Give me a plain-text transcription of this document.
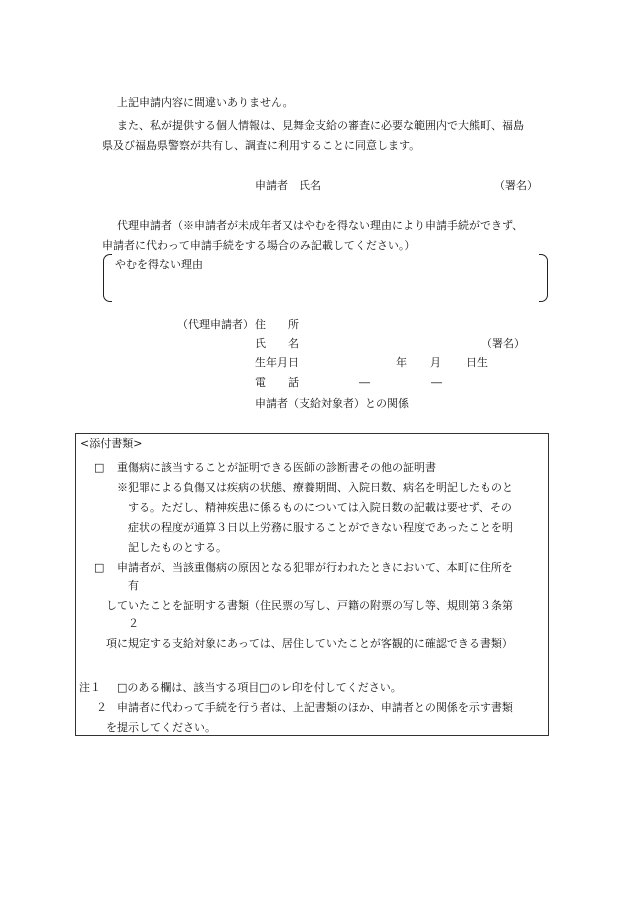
上記申請内容に間違いありません。
また、私が提供する個人情報は、見舞金支給の審査に必要な範囲内で大熊町、福島
県及び福島県警察が共有し、調査に利用することに同意します。
申請者　氏名	（署名）
代理申請者（※申請者が未成年者又はやむを得ない理由により申請手続ができず、
申請者に代わって申請手続をする場合のみ記載してください。）
やむを得ない理由
（代理申請者） 住　　所
氏　　名	（署名）
生年月日	年 月 日生
電　　話	―	―
申請者（支給対象者）との関係
<添付書類>
□ 重傷病に該当することが証明できる医師の診断書その他の証明書
※犯罪による負傷又は疾病の状態、療養期間、入院日数、病名を明記したものと
する。ただし、精神疾患に係るものについては入院日数の記載は要せず、その
症状の程度が通算３日以上労務に服することができない程度であったことを明
記したものとする。
□ 申請者が、当該重傷病の原因となる犯罪が行われたときにおいて、本町に住所を
有
していたことを証明する書類（住民票の写し、戸籍の附票の写し等、規則第３条第
２
項に規定する支給対象にあっては、居住していたことが客観的に確認できる書類）
注１ □のある欄は、該当する項目□のレ印を付してください。
２ 申請者に代わって手続を行う者は、上記書類のほか、申請者との関係を示す書類
を提示してください。
